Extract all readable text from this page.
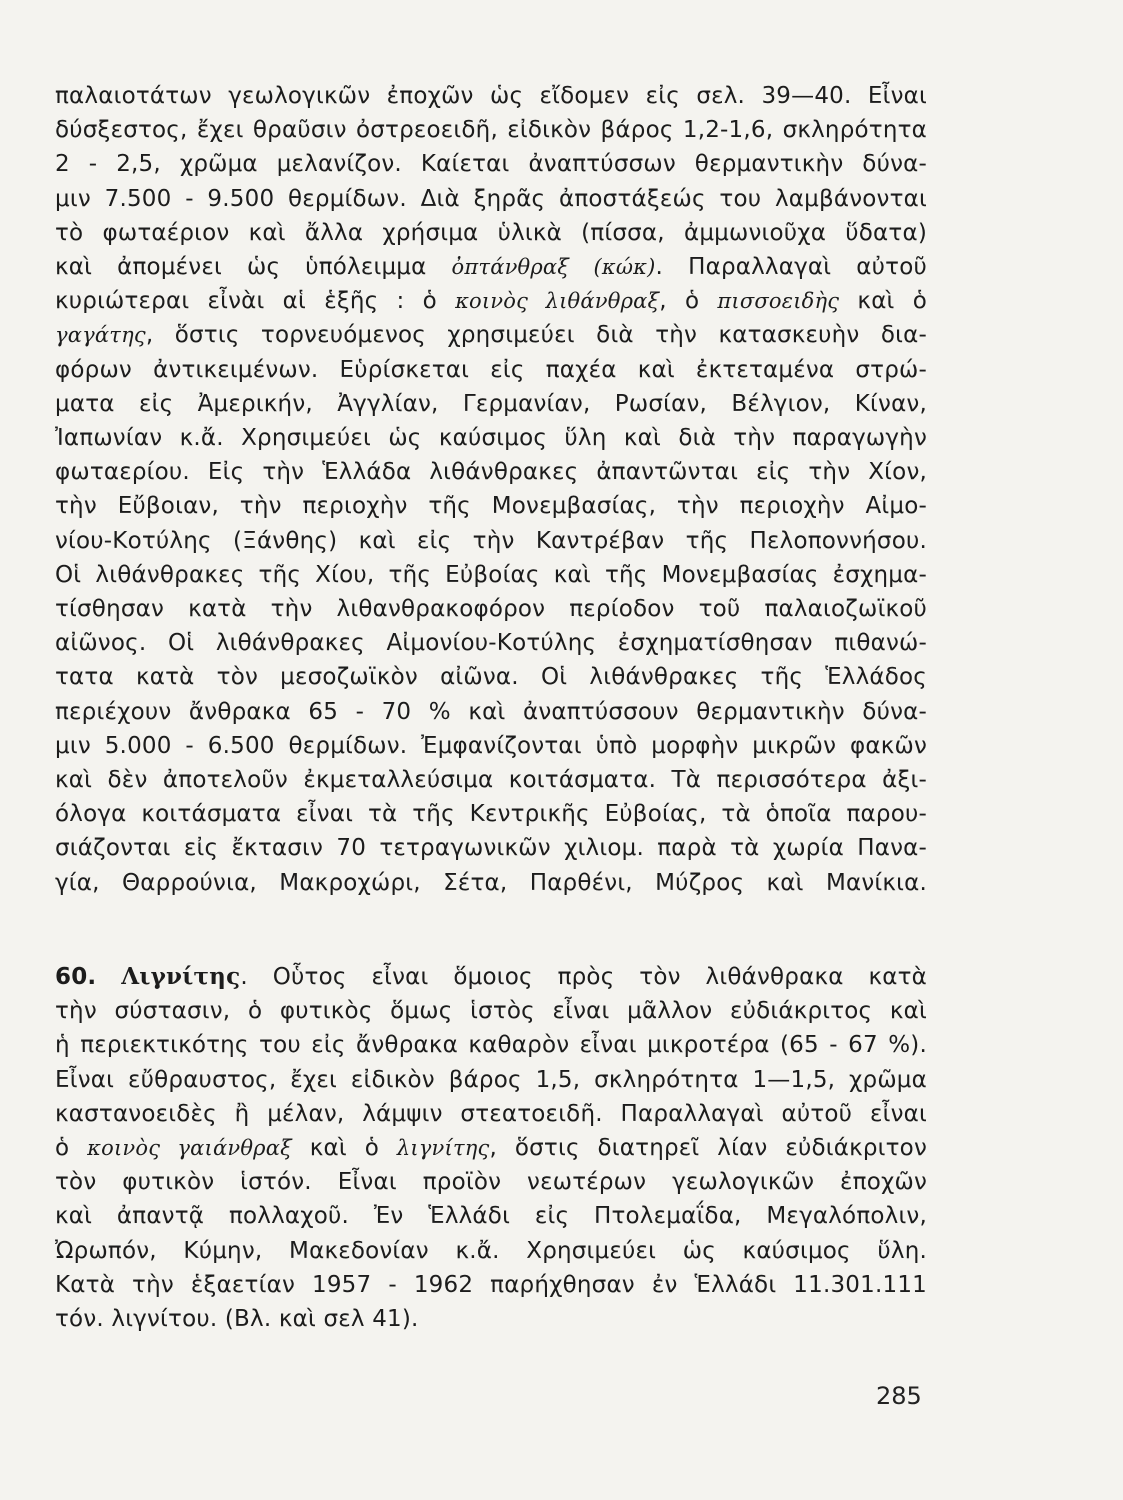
παλαιοτάτων γεωλογικῶν ἐποχῶν ὡς εἴδομεν εἰς σελ. 39—40. Εἶναι
δύσξεστος, ἔχει θραῦσιν ὀστρεοειδῆ, εἰδικὸν βάρος 1,2-1,6, σκληρότητα
2 - 2,5, χρῶμα μελανίζον. Καίεται ἀναπτύσσων θερμαντικὴν δύνα-
μιν 7.500 - 9.500 θερμίδων. Διὰ ξηρᾶς ἀποστάξεώς του λαμβάνονται
τὸ φωταέριον καὶ ἄλλα χρήσιμα ὑλικὰ (πίσσα, ἀμμωνιοῦχα ὕδατα)
καὶ ἀπομένει ὡς ὑπόλειμμα ὀπτάνθραξ (κώκ). Παραλλαγαὶ αὐτοῦ
κυριώτεραι εἶνὰι αἱ ἑξῆς : ὁ κοινὸς λιθάνθραξ, ὁ πισσοειδὴς καὶ ὁ
γαγάτης, ὅστις τορνευόμενος χρησιμεύει διὰ τὴν κατασκευὴν δια-
φόρων ἀντικειμένων. Εὑρίσκεται εἰς παχέα καὶ ἐκτεταμένα στρώ-
ματα εἰς Ἀμερικήν, Ἀγγλίαν, Γερμανίαν, Ρωσίαν, Βέλγιον, Κίναν,
Ἰαπωνίαν κ.ἄ. Χρησιμεύει ὡς καύσιμος ὕλη καὶ διὰ τὴν παραγωγὴν
φωταερίου. Εἰς τὴν Ἑλλάδα λιθάνθρακες ἀπαντῶνται εἰς τὴν Χίον,
τὴν Εὔβοιαν, τὴν περιοχὴν τῆς Μονεμβασίας, τὴν περιοχὴν Αἰμο-
νίου-Κοτύλης (Ξάνθης) καὶ εἰς τὴν Καντρέβαν τῆς Πελοποννήσου.
Οἱ λιθάνθρακες τῆς Χίου, τῆς Εὐβοίας καὶ τῆς Μονεμβασίας ἐσχημα-
τίσθησαν κατὰ τὴν λιθανθρακοφόρον περίοδον τοῦ παλαιοζωϊκοῦ
αἰῶνος. Οἱ λιθάνθρακες Αἰμονίου-Κοτύλης ἐσχηματίσθησαν πιθανώ-
τατα κατὰ τὸν μεσοζωϊκὸν αἰῶνα. Οἱ λιθάνθρακες τῆς Ἑλλάδος
περιέχουν ἄνθρακα 65 - 70 % καὶ ἀναπτύσσουν θερμαντικὴν δύνα-
μιν 5.000 - 6.500 θερμίδων. Ἐμφανίζονται ὑπὸ μορφὴν μικρῶν φακῶν
καὶ δὲν ἀποτελοῦν ἐκμεταλλεύσιμα κοιτάσματα. Τὰ περισσότερα ἀξι-
όλογα κοιτάσματα εἶναι τὰ τῆς Κεντρικῆς Εὐβοίας, τὰ ὁποῖα παρου-
σιάζονται εἰς ἔκτασιν 70 τετραγωνικῶν χιλιομ. παρὰ τὰ χωρία Πανα-
γία, Θαρρούνια, Μακροχώρι, Σέτα, Παρθένι, Μύζρος καὶ Μανίκια.
60. Λιγνίτης. Οὗτος εἶναι ὅμοιος πρὸς τὸν λιθάνθρακα κατὰ
τὴν σύστασιν, ὁ φυτικὸς ὅμως ἱστὸς εἶναι μᾶλλον εὐδιάκριτος καὶ
ἡ περιεκτικότης του εἰς ἄνθρακα καθαρὸν εἶναι μικροτέρα (65 - 67 %).
Εἶναι εὔθραυστος, ἔχει εἰδικὸν βάρος 1,5, σκληρότητα 1—1,5, χρῶμα
καστανοειδὲς ἢ μέλαν, λάμψιν στεατοειδῆ. Παραλλαγαὶ αὐτοῦ εἶναι
ὁ κοινὸς γαιάνθραξ καὶ ὁ λιγνίτης, ὅστις διατηρεῖ λίαν εὐδιάκριτον
τὸν φυτικὸν ἱστόν. Εἶναι προϊὸν νεωτέρων γεωλογικῶν ἐποχῶν
καὶ ἀπαντᾷ πολλαχοῦ. Ἐν Ἑλλάδι εἰς Πτολεμαΐδα, Μεγαλόπολιν,
Ὠρωπόν, Κύμην, Μακεδονίαν κ.ἄ. Χρησιμεύει ὡς καύσιμος ὕλη.
Κατὰ τὴν ἑξαετίαν 1957 - 1962 παρήχθησαν ἐν Ἑλλάδι 11.301.111
τόν. λιγνίτου. (Βλ. καὶ σελ 41).
285
